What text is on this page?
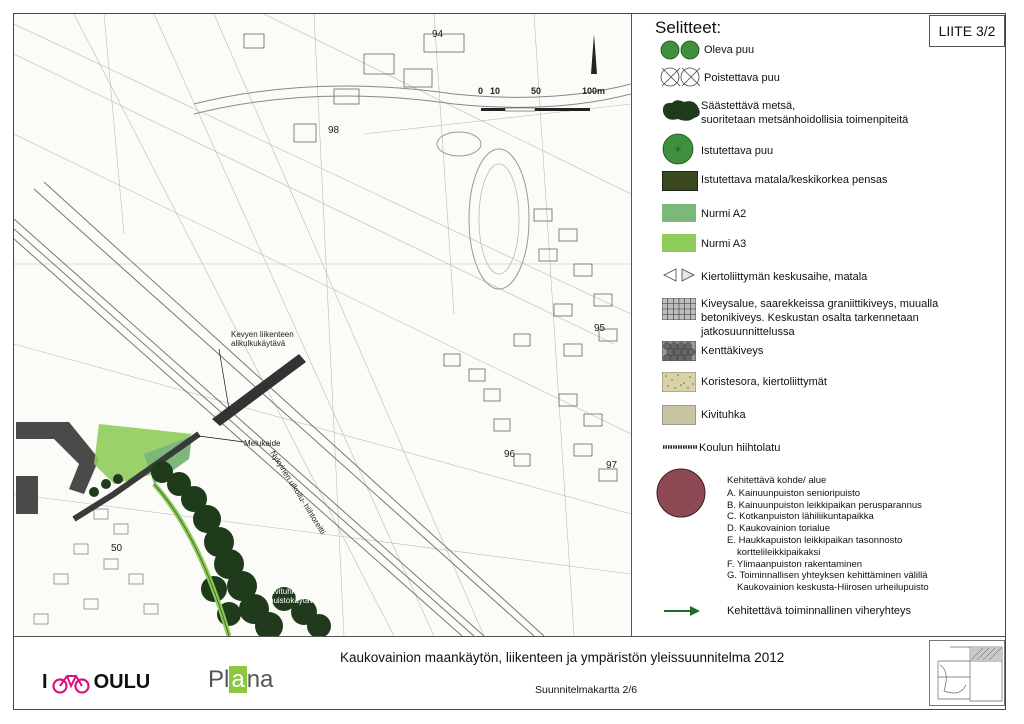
0 10	50	100m
Kevyen liikenteen
alikulkukäytävä
Melukaide
Nykyinen ulkoilu- hiihtoreitti
Valaisematon
kivituhkapintainen
puistokäytävä
94
98
95
96
97
50
LIITE 3/2
Selitteet:
Oleva puu
Poistettava puu
Säästettävä metsä,
suoritetaan metsänhoidollisia toimenpiteitä
Istutettava puu
Istutettava matala/keskikorkea pensas
Nurmi A2
Nurmi A3
Kiertoliittymän keskusaihe, matala
Kiveysalue, saarekkeissa graniittikiveys, muualla
betonikiveys. Keskustan osalta tarkennetaan
jatkosuunnittelussa
Kenttäkiveys
Koristesora, kiertoliittymät
Kivituhka
Koulun hiihtolatu
Kehitettävä kohde/ alue
A. Kainuunpuiston senioripuisto
B. Kainuunpuiston leikkipaikan perusparannus
C. Kotkanpuiston lähiliikuntapaikka
D. Kaukovainion torialue
E. Haukkapuiston leikkipaikan tasonnosto
korttelileikkipaikaksi
F. Ylimaanpuiston rakentaminen
G. Toiminnallisen yhteyksen kehittäminen välillä
Kaukovainion keskusta-Hiirosen urheilupuisto
Kehitettävä toiminnallinen viheryhteys
I OULU Plana
Kaukovainion maankäytön, liikenteen ja ympäristön yleissuunnitelma 2012
Suunnitelmakartta 2/6
